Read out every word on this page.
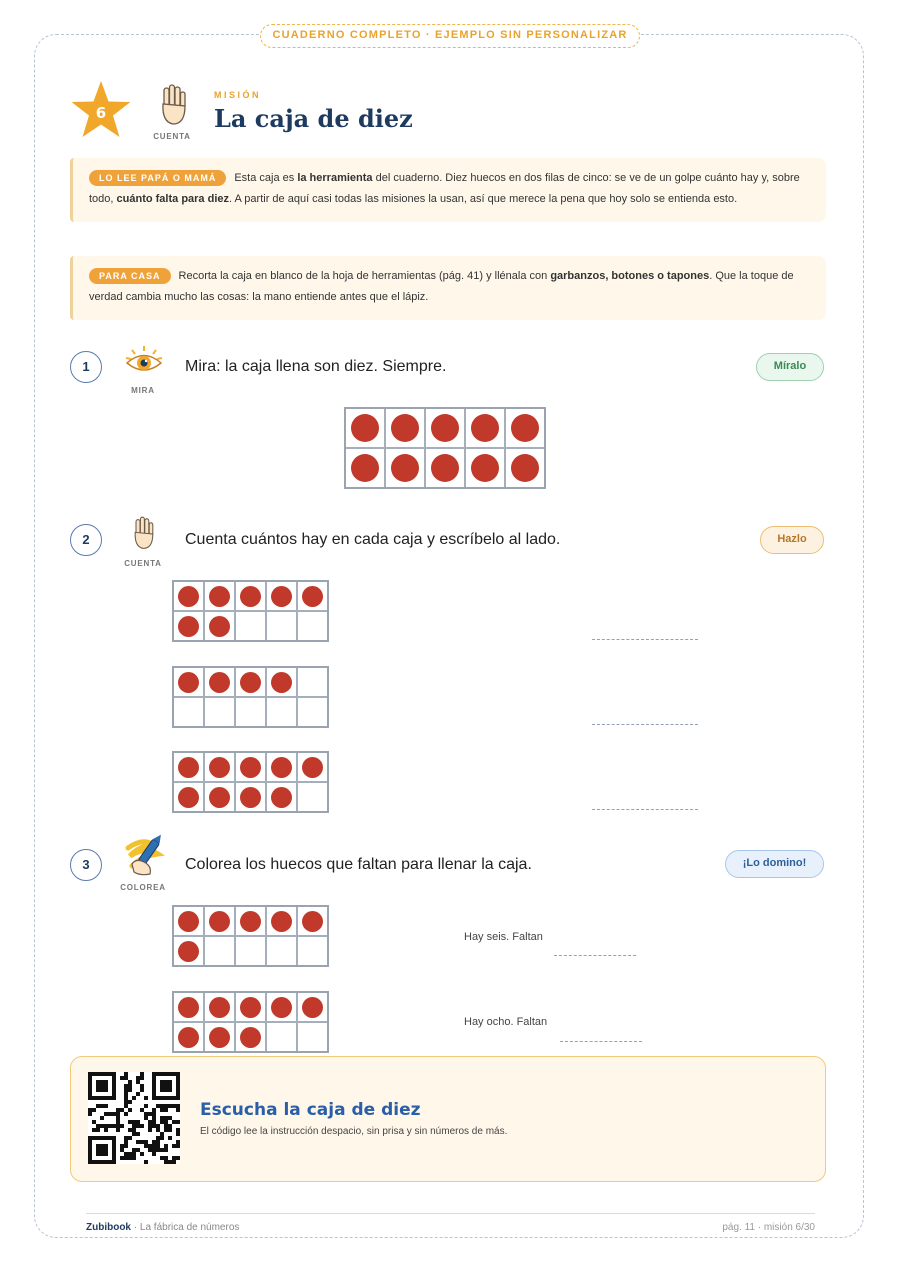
CUADERNO COMPLETO · EJEMPLO SIN PERSONALIZAR
6
CUENTA
MISIÓN
La caja de diez
LO LEE PAPÁ O MAMÁ Esta caja es la herramienta del cuaderno. Diez huecos en dos filas de cinco: se ve de un golpe cuánto hay y, sobre todo, cuánto falta para diez. A partir de aquí casi todas las misiones la usan, así que merece la pena que hoy solo se entienda esto.
PARA CASA Recorta la caja en blanco de la hoja de herramientas (pág. 41) y llénala con garbanzos, botones o tapones. Que la toque de verdad cambia mucho las cosas: la mano entiende antes que el lápiz.
1
MIRA
Mira: la caja llena son diez. Siempre.	Míralo
2
CUENTA
Cuenta cuántos hay en cada caja y escríbelo al lado.	Hazlo
3
COLOREA
Colorea los huecos que faltan para llenar la caja.	¡Lo domino!
Hay seis. Faltan
Hay ocho. Faltan
Escucha la caja de diez
El código lee la instrucción despacio, sin prisa y sin números de más.
Zubibook · La fábrica de números	pág. 11 · misión 6/30
